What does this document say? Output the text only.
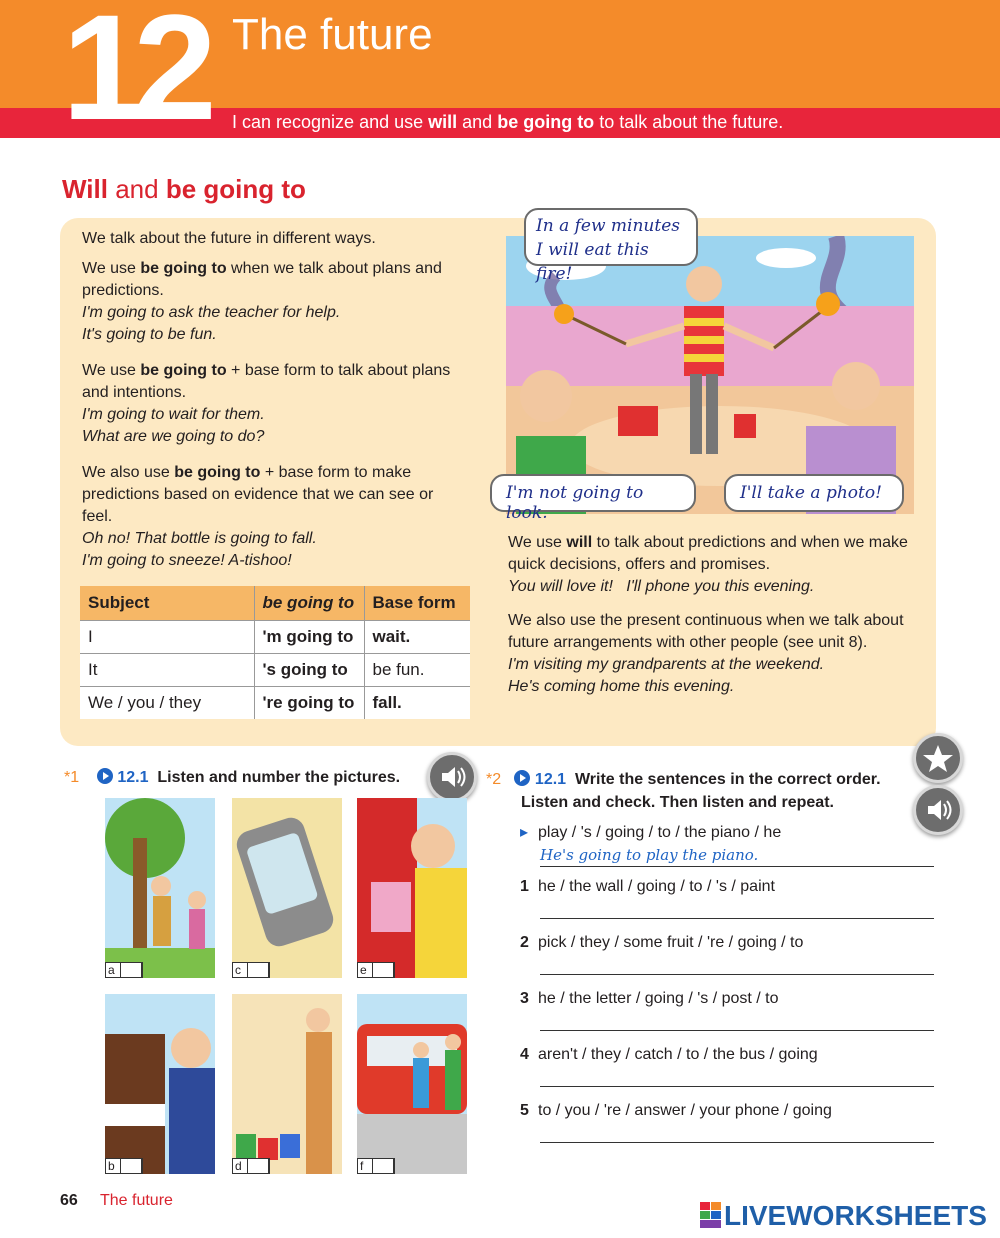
12 The future
I can recognize and use will and be going to to talk about the future.
Will and be going to
We talk about the future in different ways.
We use be going to when we talk about plans and predictions.
I'm going to ask the teacher for help.
It's going to be fun.
We use be going to + base form to talk about plans and intentions.
I'm going to wait for them.
What are we going to do?
We also use be going to + base form to make predictions based on evidence that we can see or feel.
Oh no! That bottle is going to fall.
I'm going to sneeze! A-tishoo!
Subject	be going to	Base form
I	'm going to	wait.
It	's going to	be fun.
We / you / they	're going to	fall.
In a few minutes
I will eat this fire!
I'm not going to look.
I'll take a photo!
We use will to talk about predictions and when we make quick decisions, offers and promises.
You will love it! I'll phone you this evening.
We also use the present continuous when we talk about future arrangements with other people (see unit 8).
I'm visiting my grandparents at the weekend.
He's coming home this evening.
*1 12.1 Listen and number the pictures.
a	c	e
b	d	f
*2 12.1 Write the sentences in the correct order.
Listen and check. Then listen and repeat.
▸ play / 's / going / to / the piano / he
He's going to play the piano.
1 he / the wall / going / to / 's / paint
2 pick / they / some fruit / 're / going / to
3 he / the letter / going / 's / post / to
4 aren't / they / catch / to / the bus / going
5 to / you / 're / answer / your phone / going
66 The future	LIVEWORKSHEETS
